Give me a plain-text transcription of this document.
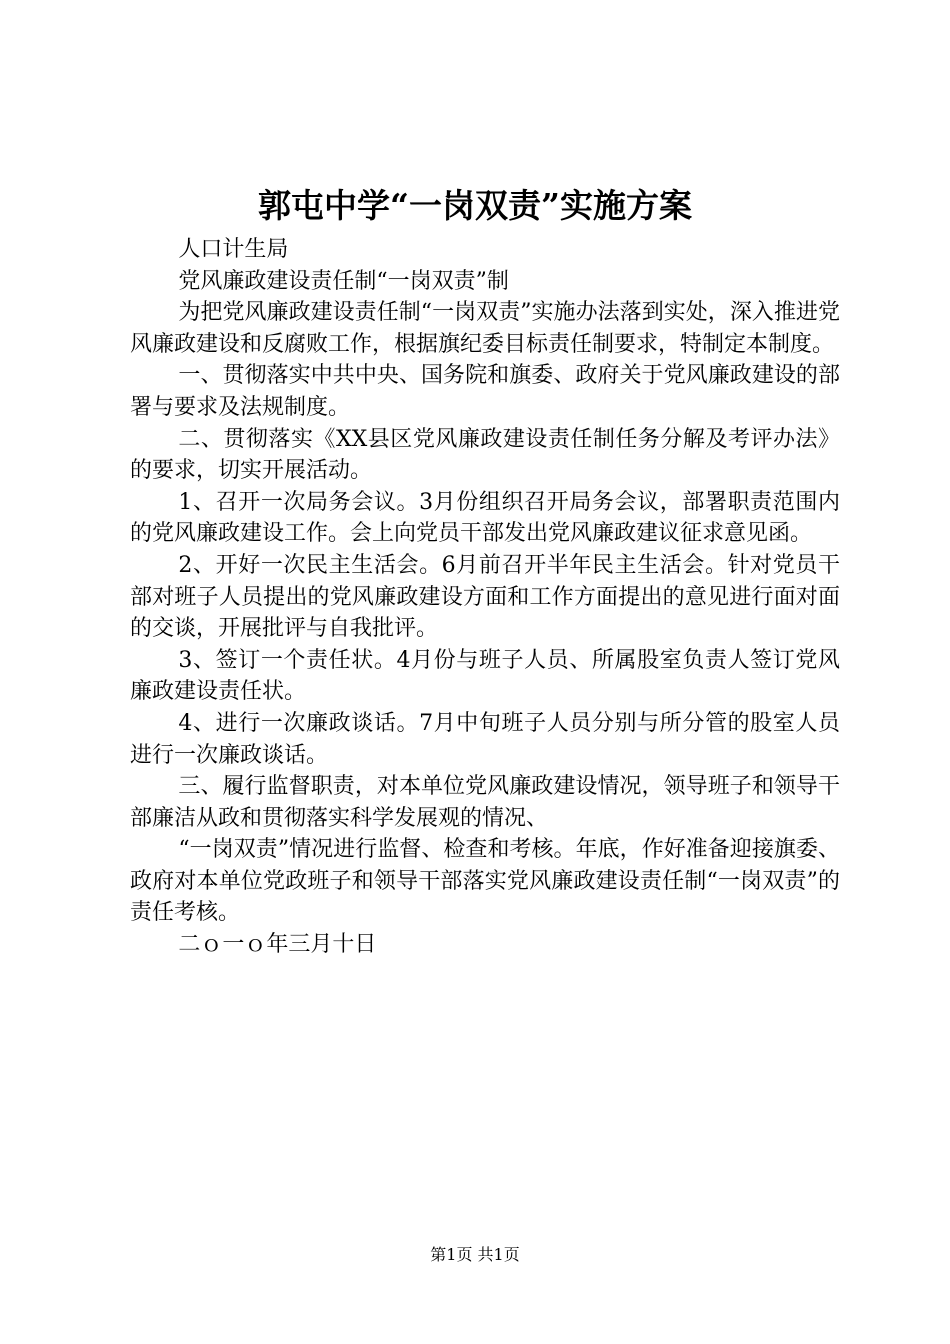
郭屯中学“一岗双责”实施方案

人口计生局

党风廉政建设责任制“一岗双责”制

为把党风廉政建设责任制“一岗双责”实施办法落到实处，深入推进党风廉政建设和反腐败工作，根据旗纪委目标责任制要求，特制定本制度。

一、贯彻落实中共中央、国务院和旗委、政府关于党风廉政建设的部署与要求及法规制度。

二、贯彻落实《XX县区党风廉政建设责任制任务分解及考评办法》的要求，切实开展活动。

1、召开一次局务会议。3月份组织召开局务会议，部署职责范围内的党风廉政建设工作。会上向党员干部发出党风廉政建议征求意见函。

2、开好一次民主生活会。6月前召开半年民主生活会。针对党员干部对班子人员提出的党风廉政建设方面和工作方面提出的意见进行面对面的交谈，开展批评与自我批评。

3、签订一个责任状。4月份与班子人员、所属股室负责人签订党风廉政建设责任状。

4、进行一次廉政谈话。7月中旬班子人员分别与所分管的股室人员进行一次廉政谈话。

三、履行监督职责，对本单位党风廉政建设情况，领导班子和领导干部廉洁从政和贯彻落实科学发展观的情况、

“一岗双责”情况进行监督、检查和考核。年底，作好准备迎接旗委、政府对本单位党政班子和领导干部落实党风廉政建设责任制“一岗双责”的责任考核。

二ｏ一ｏ年三月十日

第1页 共1页
